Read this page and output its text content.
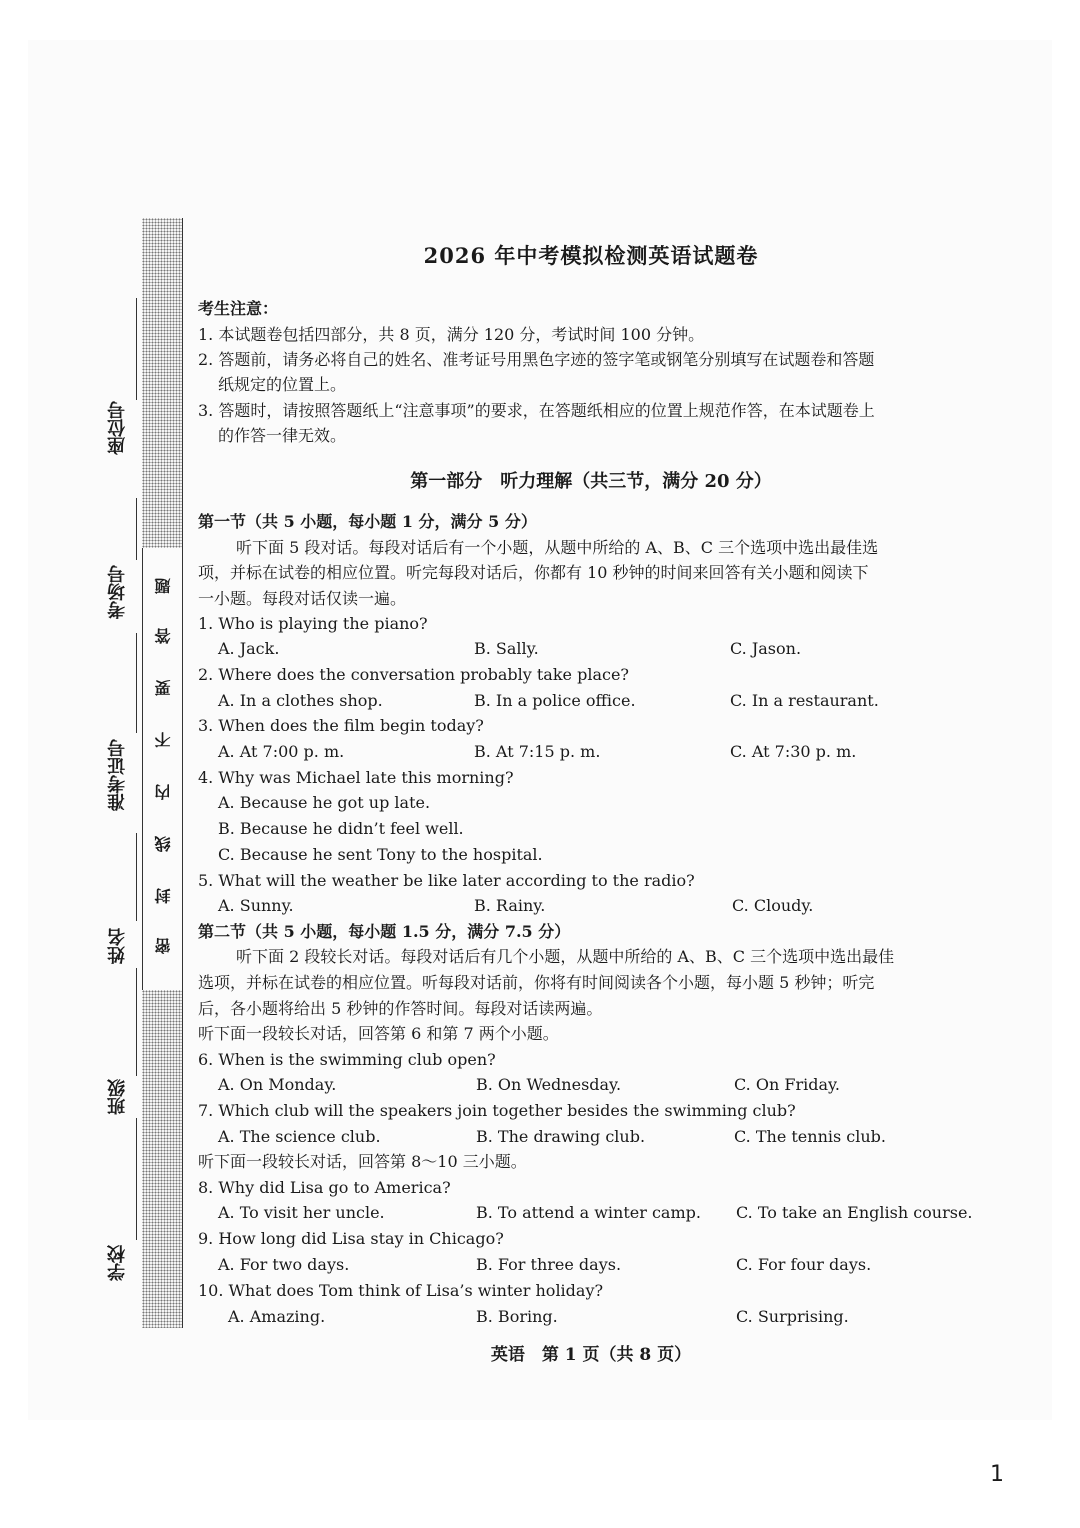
座位号
考场号
准考证号
姓名
班级
学校
题
答
要
不
内
线
封
密
2026 年中考模拟检测英语试题卷
考生注意：
1. 本试题卷包括四部分，共 8 页，满分 120 分，考试时间 100 分钟。
2. 答题前，请务必将自己的姓名、准考证号用黑色字迹的签字笔或钢笔分别填写在试题卷和答题
纸规定的位置上。
3. 答题时，请按照答题纸上“注意事项”的要求，在答题纸相应的位置上规范作答，在本试题卷上
的作答一律无效。
第一部分　听力理解（共三节，满分 20 分）
第一节（共 5 小题，每小题 1 分，满分 5 分）
听下面 5 段对话。每段对话后有一个小题，从题中所给的 A、B、C 三个选项中选出最佳选
项，并标在试卷的相应位置。听完每段对话后，你都有 10 秒钟的时间来回答有关小题和阅读下
一小题。每段对话仅读一遍。
1. Who is playing the piano?
A. Jack.	B. Sally.	C. Jason.
2. Where does the conversation probably take place?
A. In a clothes shop.	B. In a police office.	C. In a restaurant.
3. When does the film begin today?
A. At 7:00 p. m.	B. At 7:15 p. m.	C. At 7:30 p. m.
4. Why was Michael late this morning?
A. Because he got up late.
B. Because he didn’t feel well.
C. Because he sent Tony to the hospital.
5. What will the weather be like later according to the radio?
A. Sunny.	B. Rainy.	C. Cloudy.
第二节（共 5 小题，每小题 1.5 分，满分 7.5 分）
听下面 2 段较长对话。每段对话后有几个小题，从题中所给的 A、B、C 三个选项中选出最佳
选项，并标在试卷的相应位置。听每段对话前，你将有时间阅读各个小题，每小题 5 秒钟；听完
后，各小题将给出 5 秒钟的作答时间。每段对话读两遍。
听下面一段较长对话，回答第 6 和第 7 两个小题。
6. When is the swimming club open?
A. On Monday.	B. On Wednesday.	C. On Friday.
7. Which club will the speakers join together besides the swimming club?
A. The science club.	B. The drawing club.	C. The tennis club.
听下面一段较长对话，回答第 8～10 三小题。
8. Why did Lisa go to America?
A. To visit her uncle.	B. To attend a winter camp. C. To take an English course.
9. How long did Lisa stay in Chicago?
A. For two days.	B. For three days.	C. For four days.
10. What does Tom think of Lisa’s winter holiday?
A. Amazing.	B. Boring.	C. Surprising.
英语　第 1 页（共 8 页）
1
